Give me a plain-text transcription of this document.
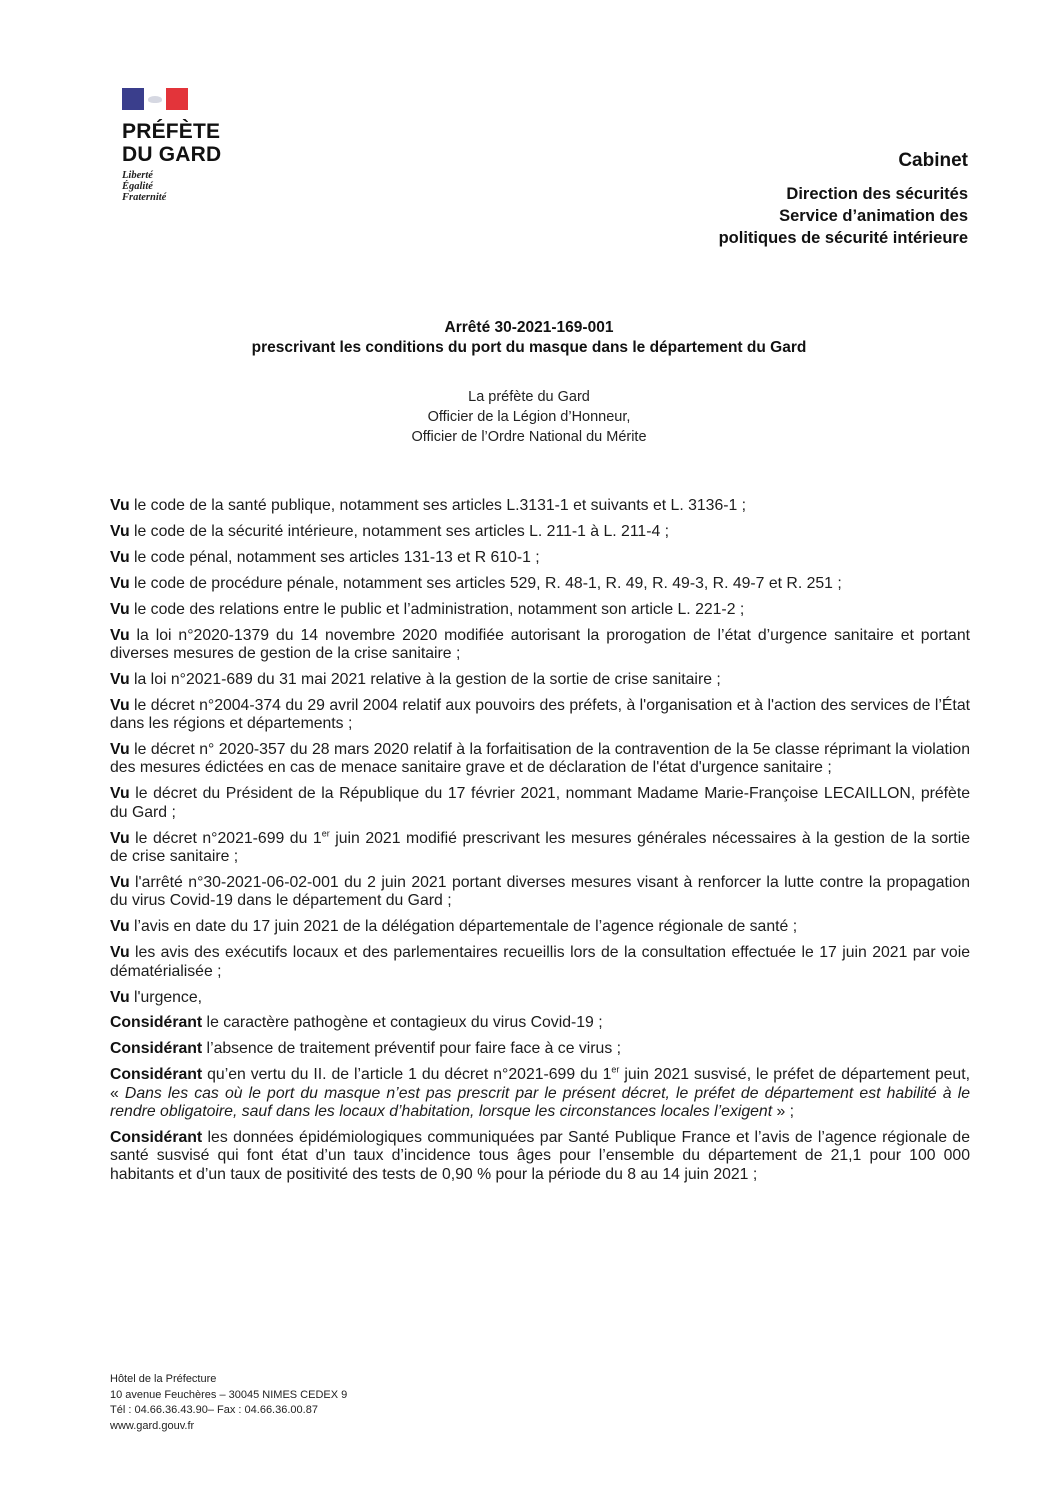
PRÉFÈTE
DU GARD
Liberté
Égalité
Fraternité
Cabinet
Direction des sécurités
Service d’animation des
politiques de sécurité intérieure
Arrêté 30-2021-169-001
prescrivant les conditions du port du masque dans le département du Gard
La préfète du Gard
Officier de la Légion d’Honneur,
Officier de l’Ordre National du Mérite

Vu le code de la santé publique, notamment ses articles L.3131-1 et suivants et L. 3136-1 ;

Vu le code de la sécurité intérieure, notamment ses articles L. 211-1 à L. 211-4 ;

Vu le code pénal, notamment ses articles 131-13 et R 610-1 ;

Vu le code de procédure pénale, notamment ses articles 529, R. 48-1, R. 49, R. 49-3, R. 49-7 et R. 251 ;

Vu le code des relations entre le public et l’administration, notamment son article L. 221-2 ;

Vu la loi n°2020-1379 du 14 novembre 2020 modifiée autorisant la prorogation de l’état d’urgence sanitaire et portant diverses mesures de gestion de la crise sanitaire ;

Vu la loi n°2021-689 du 31 mai 2021 relative à la gestion de la sortie de crise sanitaire ;

Vu le décret n°2004-374 du 29 avril 2004 relatif aux pouvoirs des préfets, à l'organisation et à l'action des services de l’État dans les régions et départements ;

Vu le décret n° 2020-357 du 28 mars 2020 relatif à la forfaitisation de la contravention de la 5e classe réprimant la violation des mesures édictées en cas de menace sanitaire grave et de déclaration de l'état d'urgence sanitaire ;

Vu le décret du Président de la République du 17 février 2021, nommant Madame Marie-Françoise LECAILLON, préfète du Gard ;

Vu le décret n°2021-699 du 1er juin 2021 modifié prescrivant les mesures générales nécessaires à la gestion de la sortie de crise sanitaire ;

Vu l'arrêté n°30-2021-06-02-001 du 2 juin 2021 portant diverses mesures visant à renforcer la lutte contre la propagation du virus Covid-19 dans le département du Gard ;

Vu l’avis en date du 17 juin 2021 de la délégation départementale de l’agence régionale de santé ;

Vu les avis des exécutifs locaux et des parlementaires recueillis lors de la consultation effectuée le 17 juin 2021 par voie dématérialisée ;

Vu l'urgence,

Considérant le caractère pathogène et contagieux du virus Covid-19 ;

Considérant l’absence de traitement préventif pour faire face à ce virus ;

Considérant qu’en vertu du II. de l’article 1 du décret n°2021-699 du 1er juin 2021 susvisé, le préfet de département peut, « Dans les cas où le port du masque n’est pas prescrit par le présent décret, le préfet de département est habilité à le rendre obligatoire, sauf dans les locaux d’habitation, lorsque les circonstances locales l’exigent » ;

Considérant les données épidémiologiques communiquées par Santé Publique France et l’avis de l’agence régionale de santé susvisé qui font état d’un taux d’incidence tous âges pour l’ensemble du département de 21,1 pour 100 000 habitants et d’un taux de positivité des tests de 0,90 % pour la période du 8 au 14 juin 2021 ;

Hôtel de la Préfecture
10 avenue Feuchères – 30045 NIMES CEDEX 9
Tél : 04.66.36.43.90– Fax : 04.66.36.00.87
www.gard.gouv.fr
